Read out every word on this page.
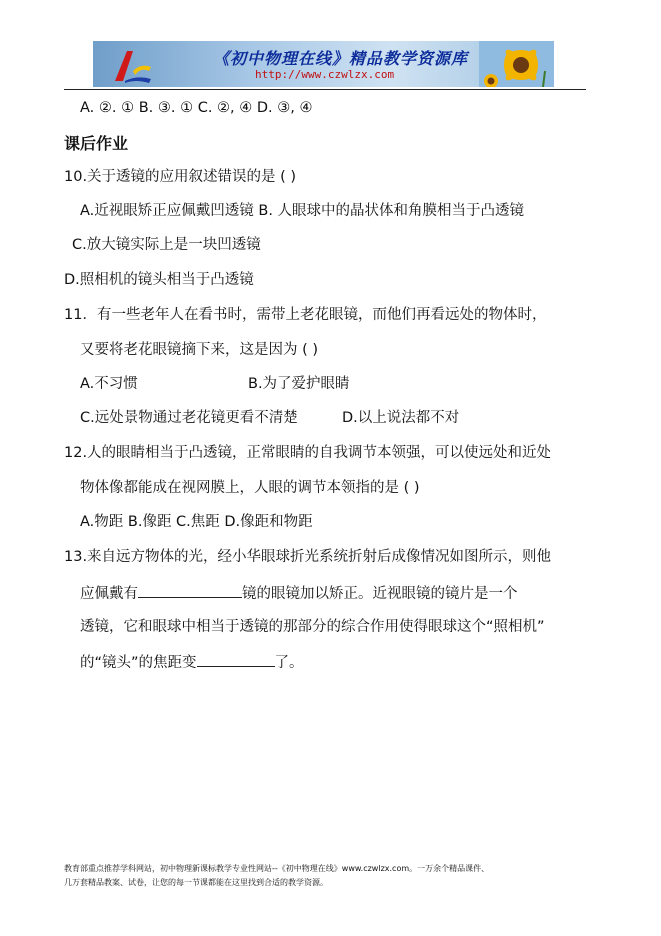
《初中物理在线》精品教学资源库
http://www.czwlzx.com
A. ②. ① B. ③. ① C. ②, ④ D. ③, ④
课后作业
10.关于透镜的应用叙述错误的是 ( )
A.近视眼矫正应佩戴凹透镜 B. 人眼球中的晶状体和角膜相当于凸透镜
C.放大镜实际上是一块凹透镜
D.照相机的镜头相当于凸透镜
11．有一些老年人在看书时，需带上老花眼镜，而他们再看远处的物体时，
又要将老花眼镜摘下来，这是因为 ( )
A.不习惯	B.为了爱护眼睛
C.远处景物通过老花镜更看不清楚	D.以上说法都不对
12.人的眼睛相当于凸透镜，正常眼睛的自我调节本领强，可以使远处和近处
物体像都能成在视网膜上，人眼的调节本领指的是 ( )
A.物距 B.像距 C.焦距 D.像距和物距
13.来自远方物体的光，经小华眼球折光系统折射后成像情况如图所示，则他
应佩戴有	镜的眼镜加以矫正。近视眼镜的镜片是一个
透镜，它和眼球中相当于透镜的那部分的综合作用使得眼球这个“照相机”
的“镜头”的焦距变	了。
教育部重点推荐学科网站，初中物理新课标教学专业性网站--《初中物理在线》www.czwlzx.com。一万余个精品课件、
几万套精品教案、试卷，让您的每一节课都能在这里找到合适的教学资源。
